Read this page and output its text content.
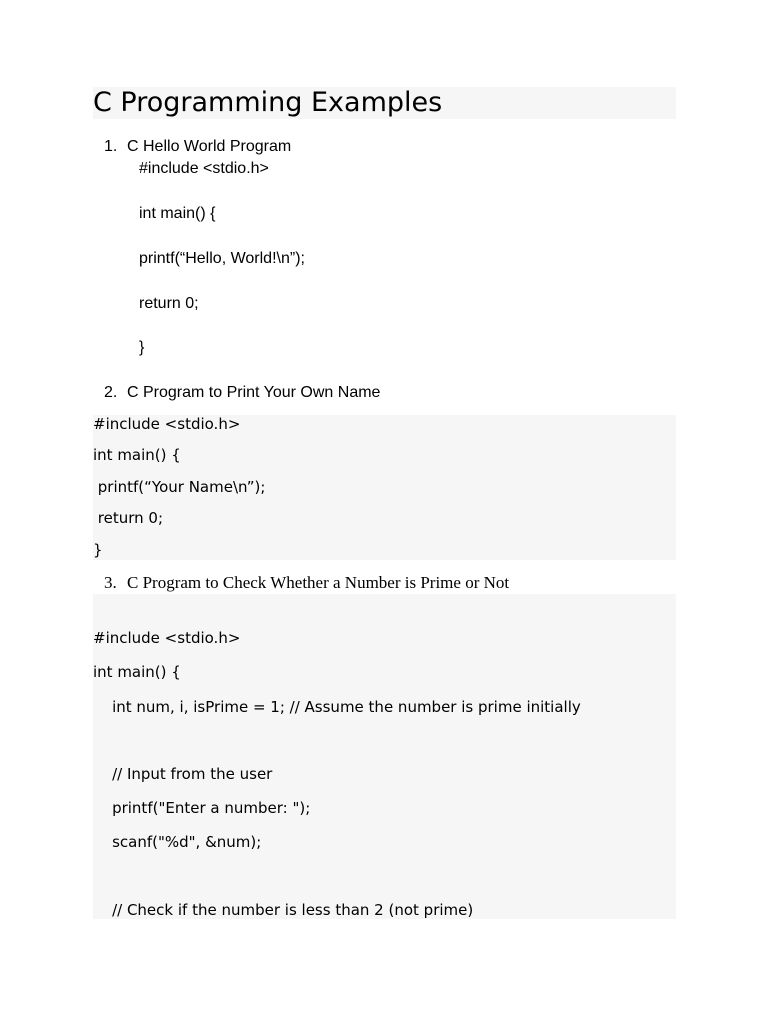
C Programming Examples
1. C Hello World Program
#include <stdio.h>
int main() {
printf(“Hello, World!\n”);
return 0;
}
2. C Program to Print Your Own Name
#include <stdio.h>
int main() {
printf(“Your Name\n”);
return 0;
}
3. C Program to Check Whether a Number is Prime or Not
#include <stdio.h>
int main() {
int num, i, isPrime = 1; // Assume the number is prime initially
// Input from the user
printf("Enter a number: ");
scanf("%d", &num);
// Check if the number is less than 2 (not prime)
